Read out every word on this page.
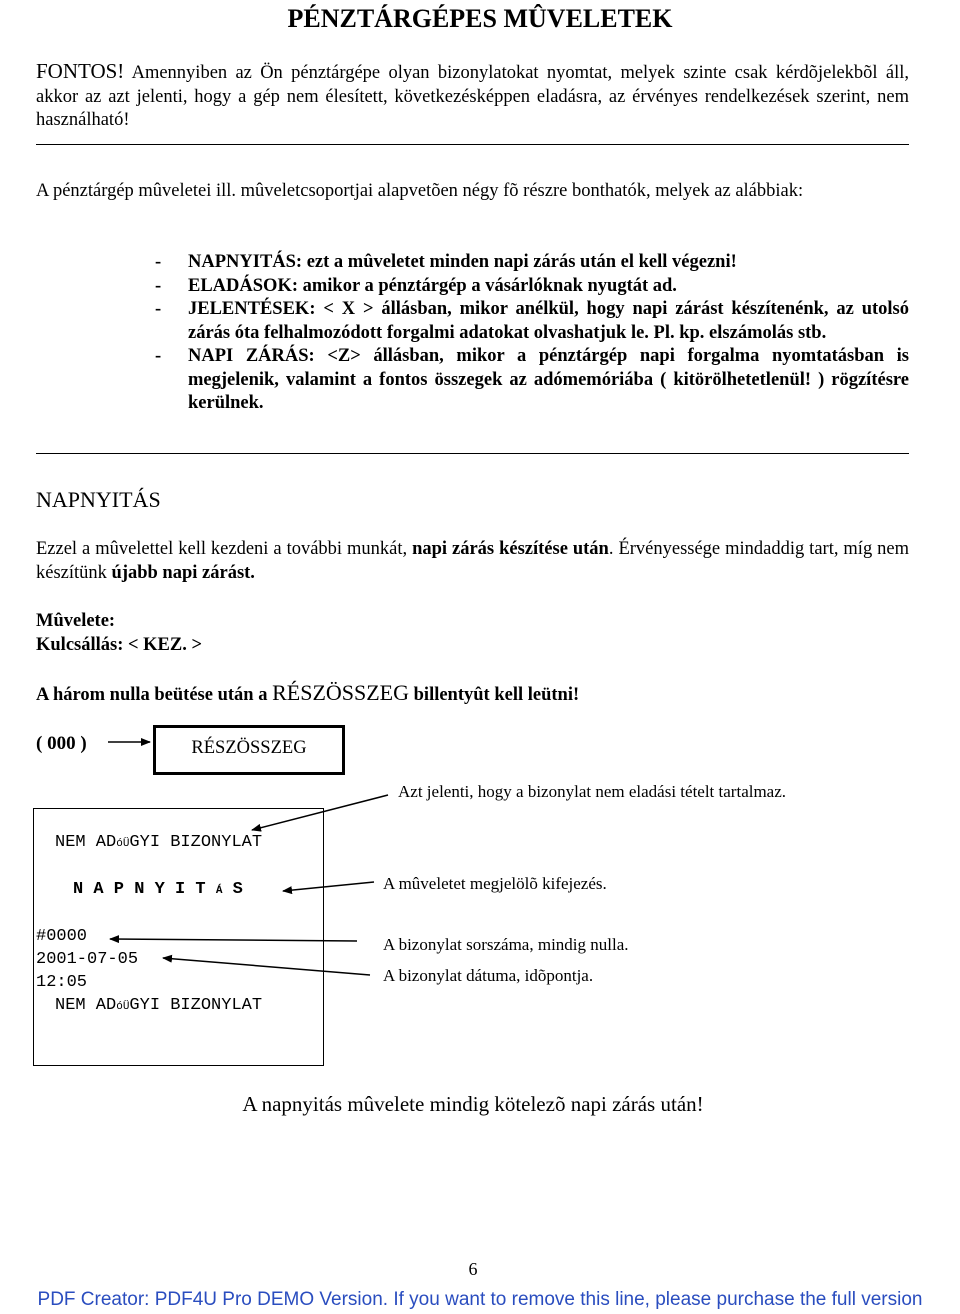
PÉNZTÁRGÉPES MÛVELETEK
FONTOS! Amennyiben az Ön pénztárgépe olyan bizonylatokat nyomtat, melyek szinte csak kérdõjelekbõl áll, akkor az azt jelenti, hogy a gép nem élesített, következésképpen eladásra, az érvényes rendelkezések szerint, nem használható!
A pénztárgép mûveletei ill. mûveletcsoportjai alapvetõen négy fõ részre bonthatók, melyek az alábbiak:
- NAPNYITÁS: ezt a mûveletet minden napi zárás után el kell végezni!
- ELADÁSOK: amikor a pénztárgép a vásárlóknak nyugtát ad.
- JELENTÉSEK: < X > állásban, mikor anélkül, hogy napi zárást készítenénk, az utolsó zárás óta felhalmozódott forgalmi adatokat olvashatjuk le. Pl. kp. elszámolás stb.
- NAPI ZÁRÁS: <Z> állásban, mikor a pénztárgép napi forgalma nyomtatásban is megjelenik, valamint a fontos összegek az adómemóriába ( kitörölhetetlenül! ) rögzítésre kerülnek.
NAPNYITÁS
Ezzel a mûvelettel kell kezdeni a további munkát, napi zárás készítése után. Érvényessége mindaddig tart, míg nem készítünk újabb napi zárást.
Mûvelete:
Kulcsállás: < KEZ. >
A három nulla beütése után a RÉSZÖSSZEG billentyût kell leütni!
( 000 )	RÉSZÖSSZEG
NEM ADóÜGYI BIZONYLAT
N A P N Y I T Á S
#0000
2001-07-05
12:05
NEM ADóÜGYI BIZONYLAT
Azt jelenti, hogy a bizonylat nem eladási tételt tartalmaz.
A mûveletet megjelölõ kifejezés.
A bizonylat sorszáma, mindig nulla.
A bizonylat dátuma, idõpontja.
A napnyitás mûvelete mindig kötelezõ napi zárás után!
6
PDF Creator: PDF4U Pro DEMO Version. If you want to remove this line, please purchase the full version
